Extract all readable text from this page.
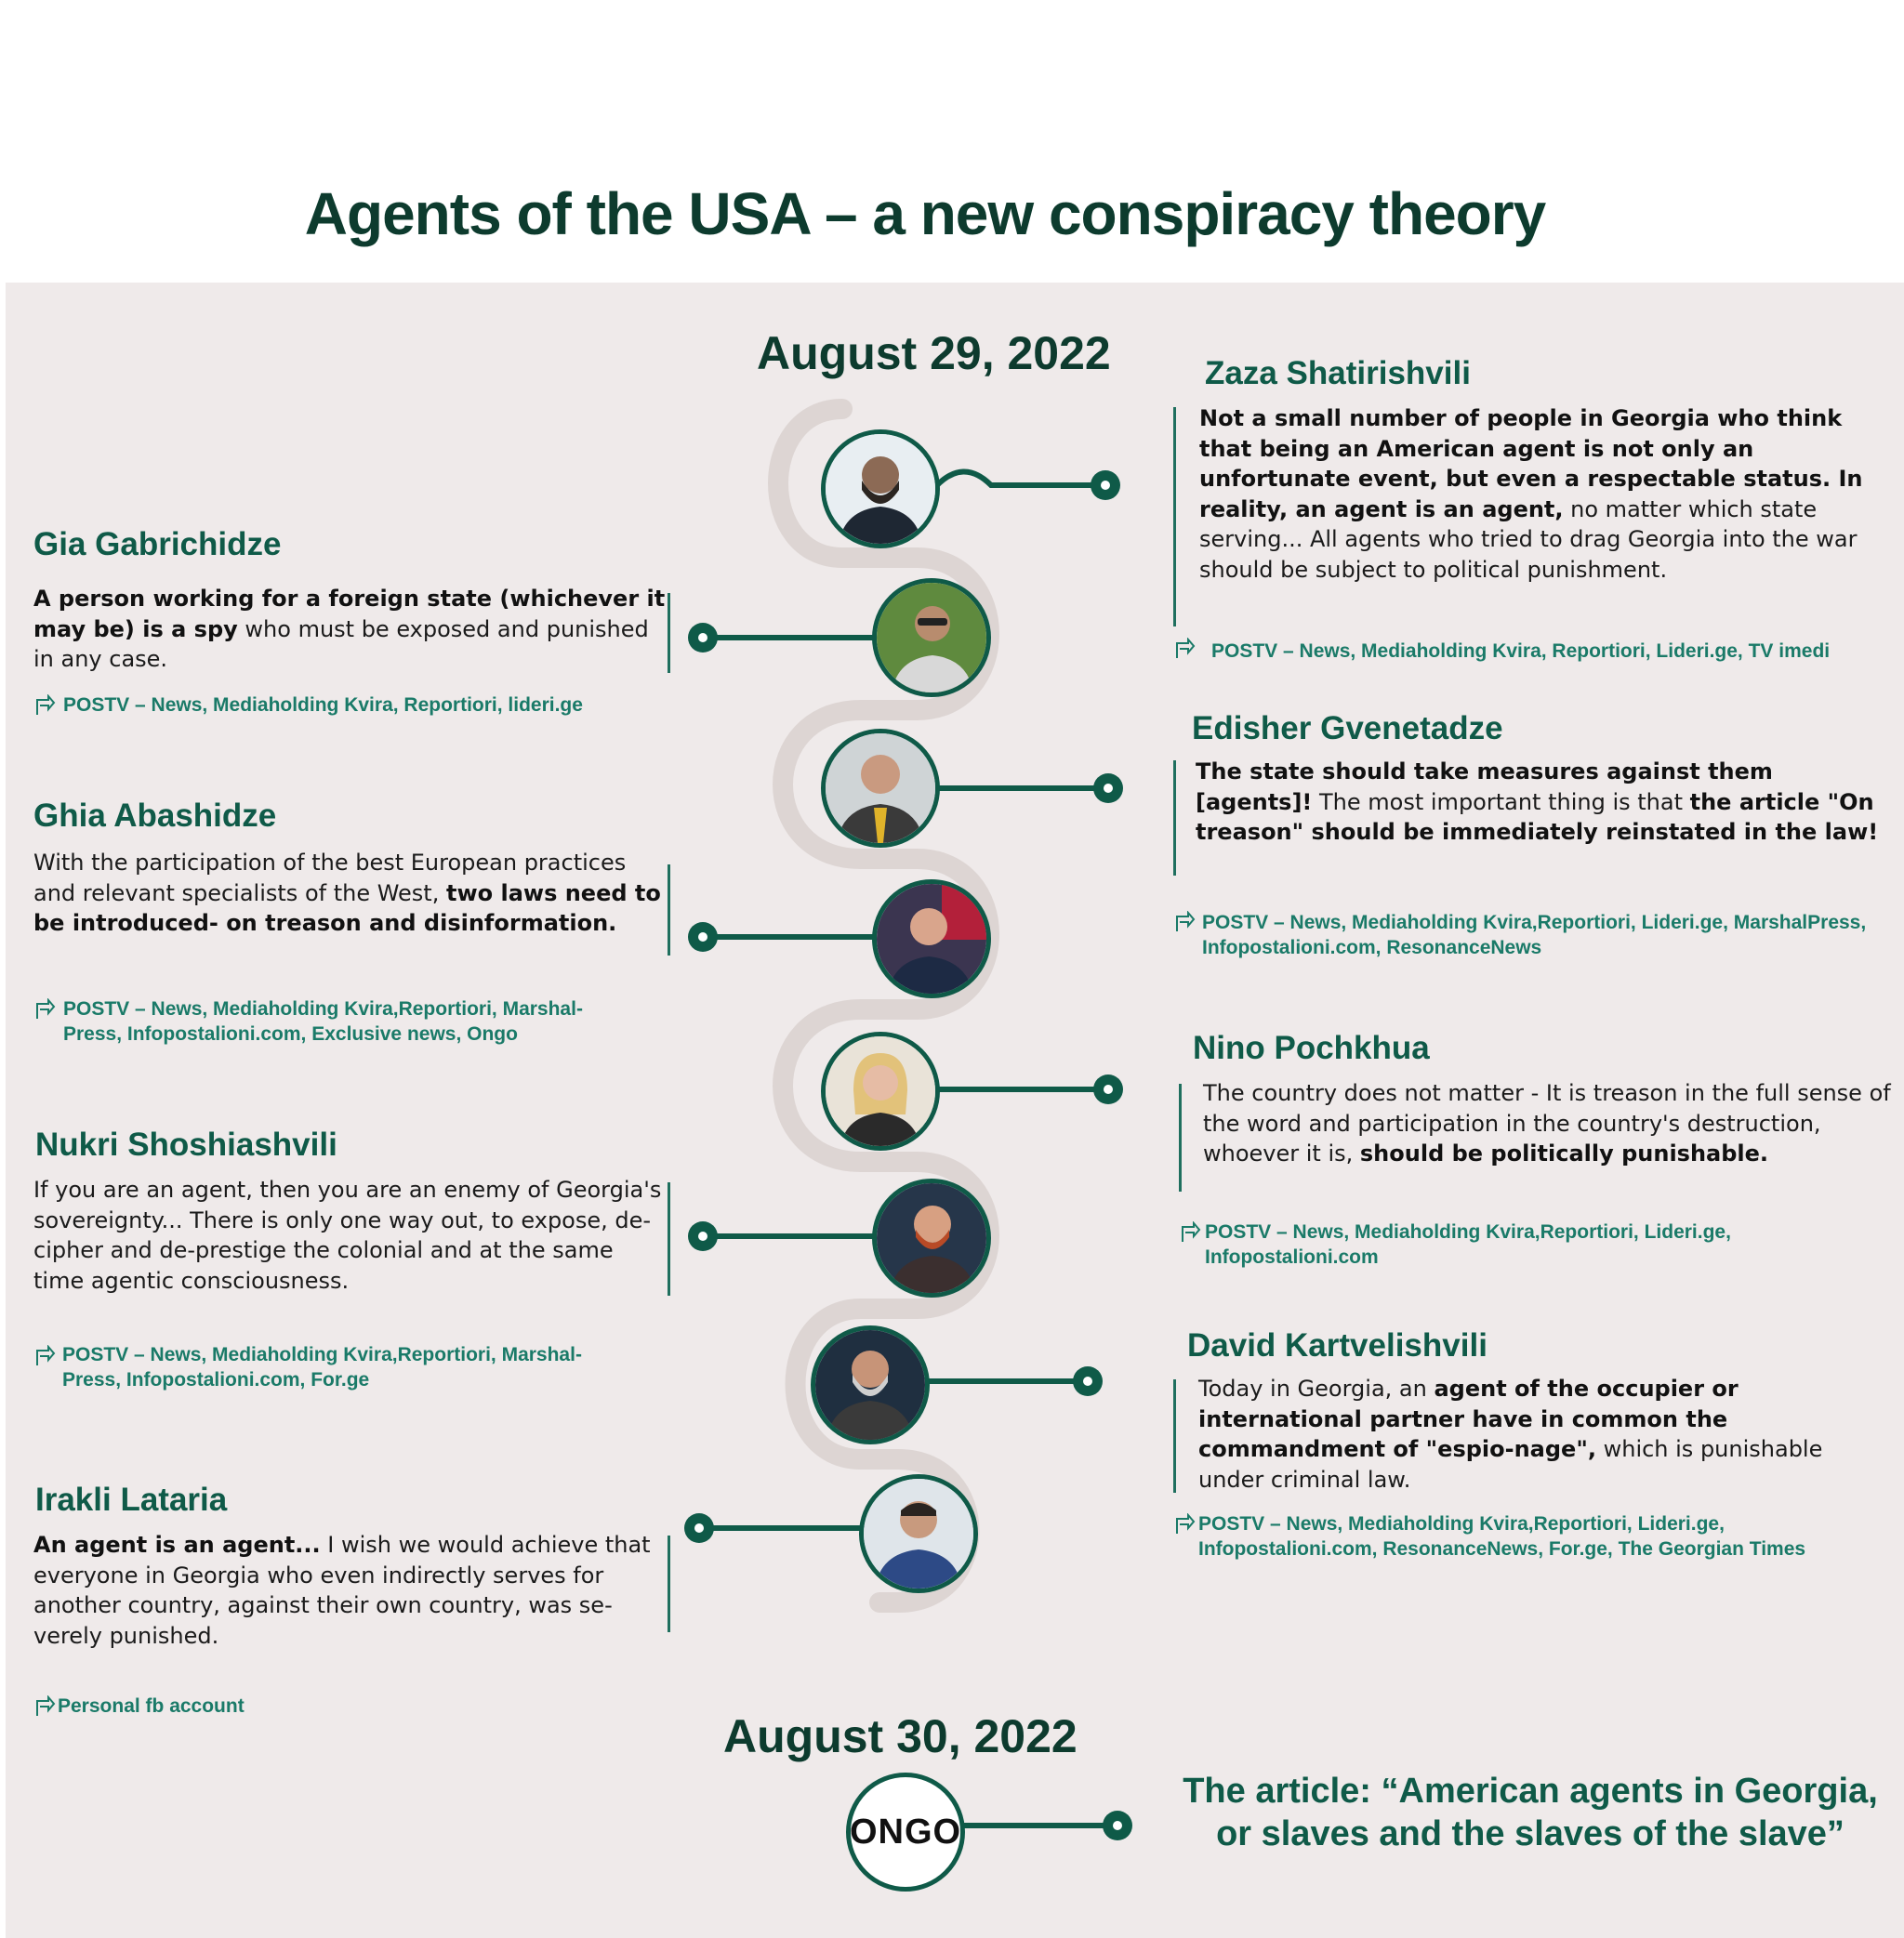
Agents of the USA – a new conspiracy theory
ONGO
August 29, 2022
August 30, 2022
Zaza Shatirishvili
Not a small number of people in Georgia who think that being an American agent is not only an unfortunate event, but even a respectable status. In reality, an agent is an agent, no matter which state serving... All agents who tried to drag Georgia into the war should be subject to political punishment.
POSTV – News, Mediaholding Kvira, Reportiori, Lideri.ge, TV imedi
Gia Gabrichidze
A person working for a foreign state (whichever it may be) is a spy who must be exposed and punished in any case.
POSTV – News, Mediaholding Kvira, Reportiori, lideri.ge
Edisher Gvenetadze
The state should take measures against them [agents]! The most important thing is that the article "On treason" should be immediately reinstated in the law!
POSTV – News, Mediaholding Kvira,Reportiori, Lideri.ge, MarshalPress, Infopostalioni.com, ResonanceNews
Ghia Abashidze
With the participation of the best European practices and relevant specialists of the West, two laws need to be introduced- on treason and disinformation.
POSTV – News, Mediaholding Kvira,Reportiori, Marshal-Press, Infopostalioni.com, Exclusive news, Ongo	Nino Pochkhua
The country does not matter - It is treason in the full sense of the word and participation in the country's destruction, whoever it is, should be politically punishable.
POSTV – News, Mediaholding Kvira,Reportiori, Lideri.ge, Infopostalioni.com
Nukri Shoshiashvili
If you are an agent, then you are an enemy of Georgia's sovereignty... There is only one way out, to expose, de-cipher and de-prestige the colonial and at the same time agentic consciousness.
POSTV – News, Mediaholding Kvira,Reportiori, Marshal-Press, Infopostalioni.com, For.ge
David Kartvelishvili
Today in Georgia, an agent of the occupier or international partner have in common the commandment of "espio-nage", which is punishable under criminal law.
POSTV – News, Mediaholding Kvira,Reportiori, Lideri.ge, Infopostalioni.com, ResonanceNews, For.ge, The Georgian Times
Irakli Lataria
An agent is an agent... I wish we would achieve that everyone in Georgia who even indirectly serves for another country, against their own country, was se-verely punished.
Personal fb account
The article: “American agents in Georgia, or slaves and the slaves of the slave”
